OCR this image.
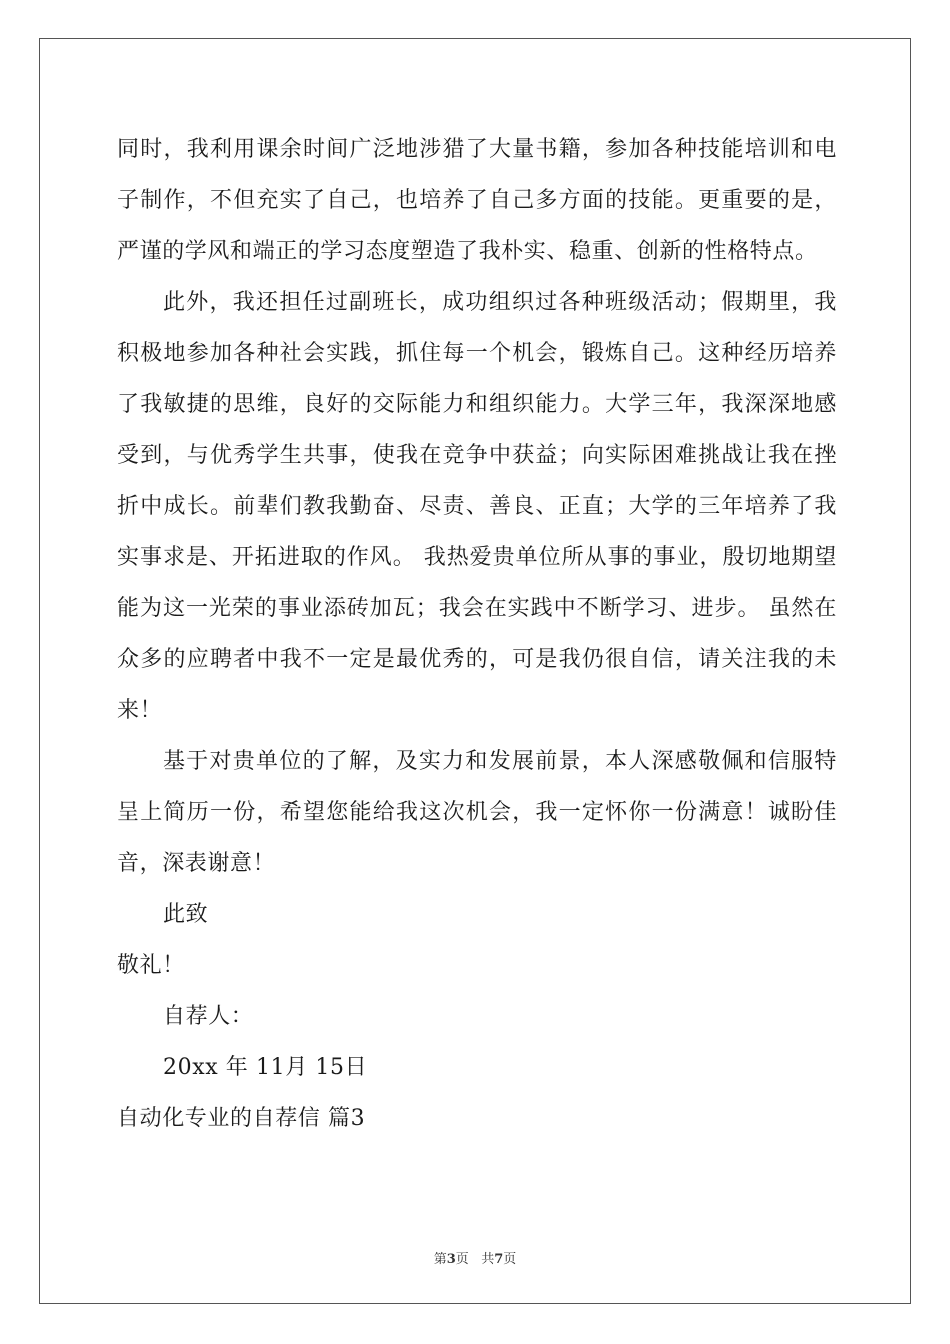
同时，我利用课余时间广泛地涉猎了大量书籍，参加各种技能培训和电子制作，不但充实了自己，也培养了自己多方面的技能。更重要的是，严谨的学风和端正的学习态度塑造了我朴实、稳重、创新的性格特点。

此外，我还担任过副班长，成功组织过各种班级活动；假期里，我积极地参加各种社会实践，抓住每一个机会，锻炼自己。这种经历培养了我敏捷的思维，良好的交际能力和组织能力。大学三年，我深深地感受到，与优秀学生共事，使我在竞争中获益；向实际困难挑战让我在挫折中成长。前辈们教我勤奋、尽责、善良、正直；大学的三年培养了我实事求是、开拓进取的作风。 我热爱贵单位所从事的事业，殷切地期望能为这一光荣的事业添砖加瓦；我会在实践中不断学习、进步。 虽然在众多的应聘者中我不一定是最优秀的，可是我仍很自信，请关注我的未来！

基于对贵单位的了解，及实力和发展前景，本人深感敬佩和信服特呈上简历一份，希望您能给我这次机会，我一定怀你一份满意！诚盼佳音，深表谢意！

此致

敬礼！

自荐人：

20xx 年 11月 15日

自动化专业的自荐信 篇3

第3页 共7页
